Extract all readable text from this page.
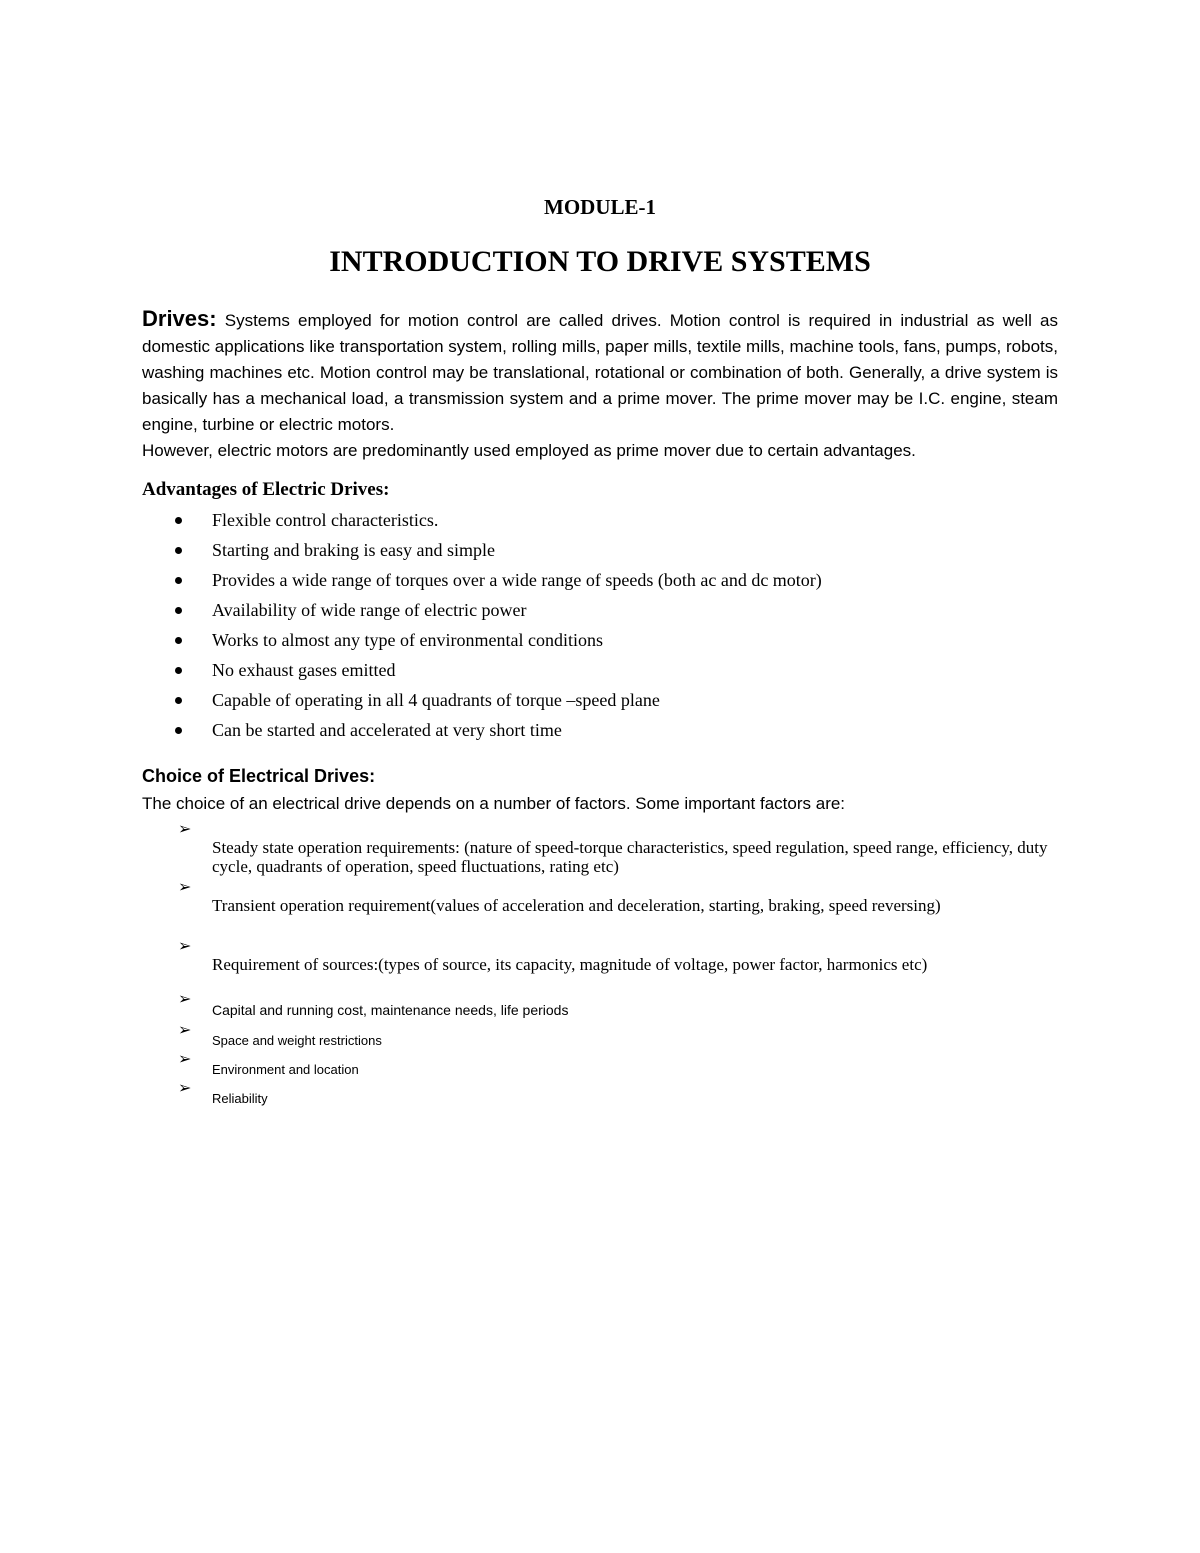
MODULE-1
INTRODUCTION TO DRIVE SYSTEMS
Drives: Systems employed for motion control are called drives. Motion control is required in industrial as well as domestic applications like transportation system, rolling mills, paper mills, textile mills, machine tools, fans, pumps, robots, washing machines etc. Motion control may be translational, rotational or combination of both. Generally, a drive system is basically has a mechanical load, a transmission system and a prime mover. The prime mover may be I.C. engine, steam engine, turbine or electric motors.
However, electric motors are predominantly used employed as prime mover due to certain advantages.
Advantages of Electric Drives:
Flexible control characteristics.
Starting and braking is easy and simple
Provides a wide range of torques over a wide range of speeds (both ac and dc motor)
Availability of wide range of electric power
Works to almost any type of environmental conditions
No exhaust gases emitted
Capable of operating in all 4 quadrants of torque –speed plane
Can be started and accelerated at very short time
Choice of Electrical Drives:
The choice of an electrical drive depends on a number of factors. Some important factors are:
➢
Steady state operation requirements: (nature of speed-torque characteristics, speed regulation, speed range, efficiency, duty cycle, quadrants of operation, speed fluctuations, rating etc)
➢
Transient operation requirement(values of acceleration and deceleration, starting, braking, speed reversing)
➢
Requirement of sources:(types of source, its capacity, magnitude of voltage, power factor, harmonics etc)
➢
Capital and running cost, maintenance needs, life periods
➢
Space and weight restrictions
➢
Environment and location
➢
Reliability
